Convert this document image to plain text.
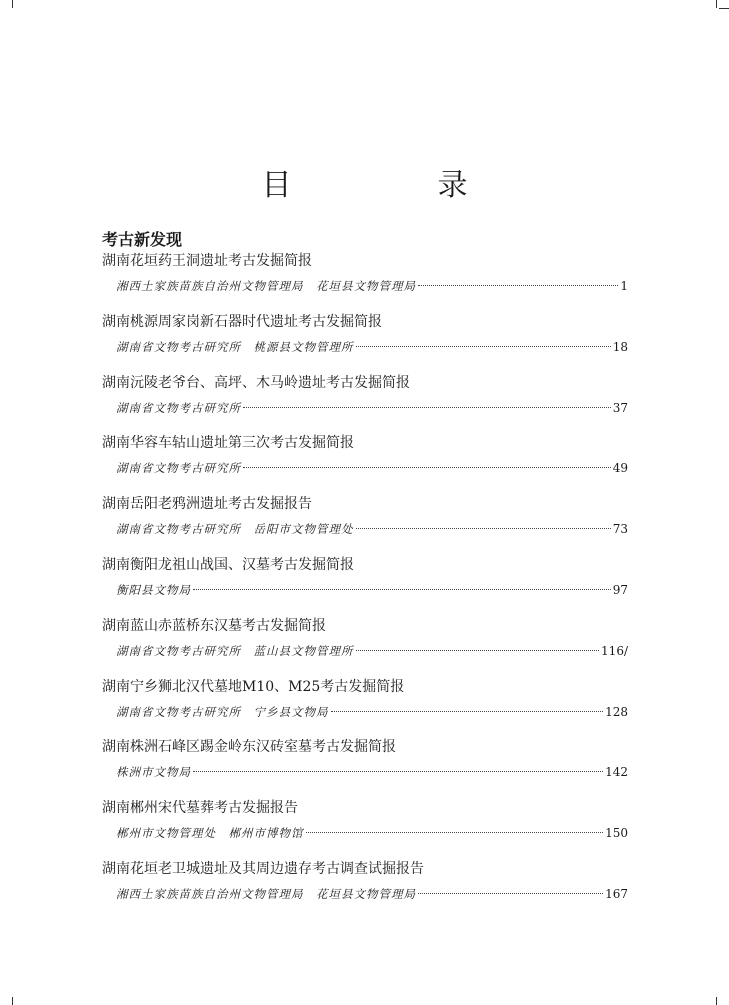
目　录
考古新发现
湖南花垣药王洞遗址考古发掘简报
湘西土家族苗族自治州文物管理局　花垣县文物管理局	1
湖南桃源周家岗新石器时代遗址考古发掘简报
湖南省文物考古研究所　桃源县文物管理所	18
湖南沅陵老爷台、高坪、木马岭遗址考古发掘简报
湖南省文物考古研究所	37
湖南华容车轱山遗址第三次考古发掘简报
湖南省文物考古研究所	49
湖南岳阳老鸦洲遗址考古发掘报告
湖南省文物考古研究所　岳阳市文物管理处	73
湖南衡阳龙祖山战国、汉墓考古发掘简报
衡阳县文物局	97
湖南蓝山赤蓝桥东汉墓考古发掘简报
湖南省文物考古研究所　蓝山县文物管理所	116/
湖南宁乡狮北汉代墓地M10、M25考古发掘简报
湖南省文物考古研究所　宁乡县文物局	128
湖南株洲石峰区踢金岭东汉砖室墓考古发掘简报
株洲市文物局	142
湖南郴州宋代墓葬考古发掘报告
郴州市文物管理处　郴州市博物馆	150
湖南花垣老卫城遗址及其周边遗存考古调查试掘报告
湘西土家族苗族自治州文物管理局　花垣县文物管理局	167
